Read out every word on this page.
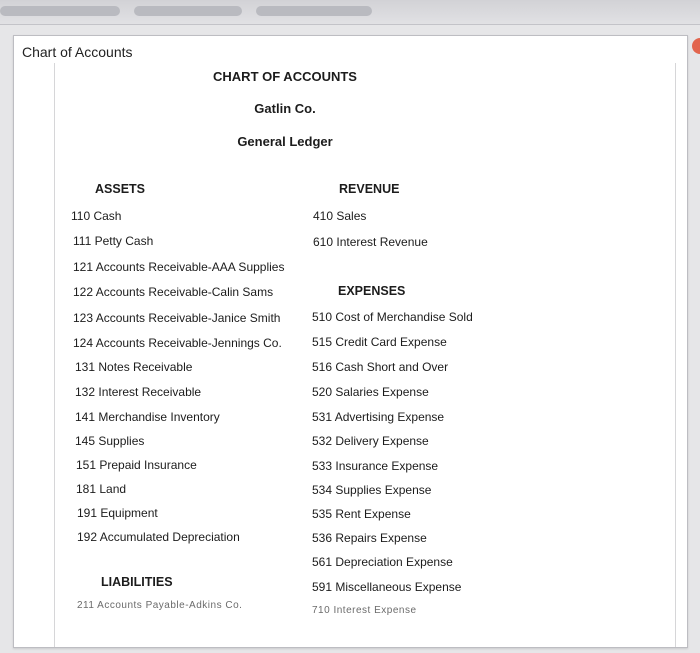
Chart of Accounts
CHART OF ACCOUNTS
Gatlin Co.
General Ledger
ASSETS
110 Cash
111 Petty Cash
121 Accounts Receivable-AAA Supplies
122 Accounts Receivable-Calin Sams
123 Accounts Receivable-Janice Smith
124 Accounts Receivable-Jennings Co.
131 Notes Receivable
132 Interest Receivable
141 Merchandise Inventory
145 Supplies
151 Prepaid Insurance
181 Land
191 Equipment
192 Accumulated Depreciation
LIABILITIES
211 Accounts Payable-Adkins Co.
REVENUE
410 Sales
610 Interest Revenue
EXPENSES
510 Cost of Merchandise Sold
515 Credit Card Expense
516 Cash Short and Over
520 Salaries Expense
531 Advertising Expense
532 Delivery Expense
533 Insurance Expense
534 Supplies Expense
535 Rent Expense
536 Repairs Expense
561 Depreciation Expense
591 Miscellaneous Expense
710 Interest Expense
